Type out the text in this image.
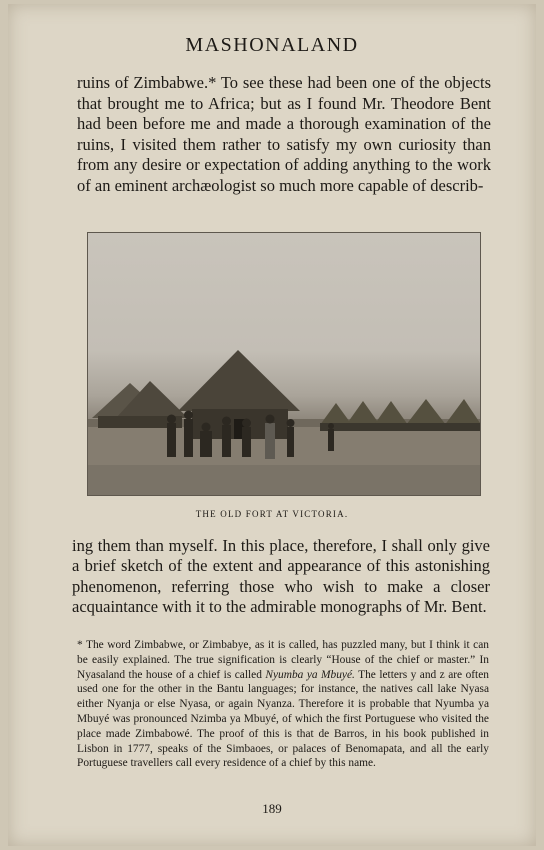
MASHONALAND

ruins of Zimbabwe.* To see these had been one of the objects that brought me to Africa; but as I found Mr. Theodore Bent had been before me and made a thorough examination of the ruins, I visited them rather to satisfy my own curiosity than from any desire or expectation of adding anything to the work of an eminent archæologist so much more capable of describ-

THE OLD FORT AT VICTORIA.

ing them than myself. In this place, therefore, I shall only give a brief sketch of the extent and appearance of this astonishing phenomenon, referring those who wish to make a closer acquaintance with it to the admirable monographs of Mr. Bent.

* The word Zimbabwe, or Zimbabye, as it is called, has puzzled many, but I think it can be easily explained. The true signification is clearly “House of the chief or master.” In Nyasaland the house of a chief is called Nyumba ya Mbuyé. The letters y and z are often used one for the other in the Bantu languages; for instance, the natives call lake Nyasa either Nyanja or else Nyasa, or again Nyanza. Therefore it is probable that Nyumba ya Mbuyé was pronounced Nzimba ya Mbuyé, of which the first Portuguese who visited the place made Zimbabowé. The proof of this is that de Barros, in his book published in Lisbon in 1777, speaks of the Simbaoes, or palaces of Benomapata, and all the early Portuguese travellers call every residence of a chief by this name.

189
